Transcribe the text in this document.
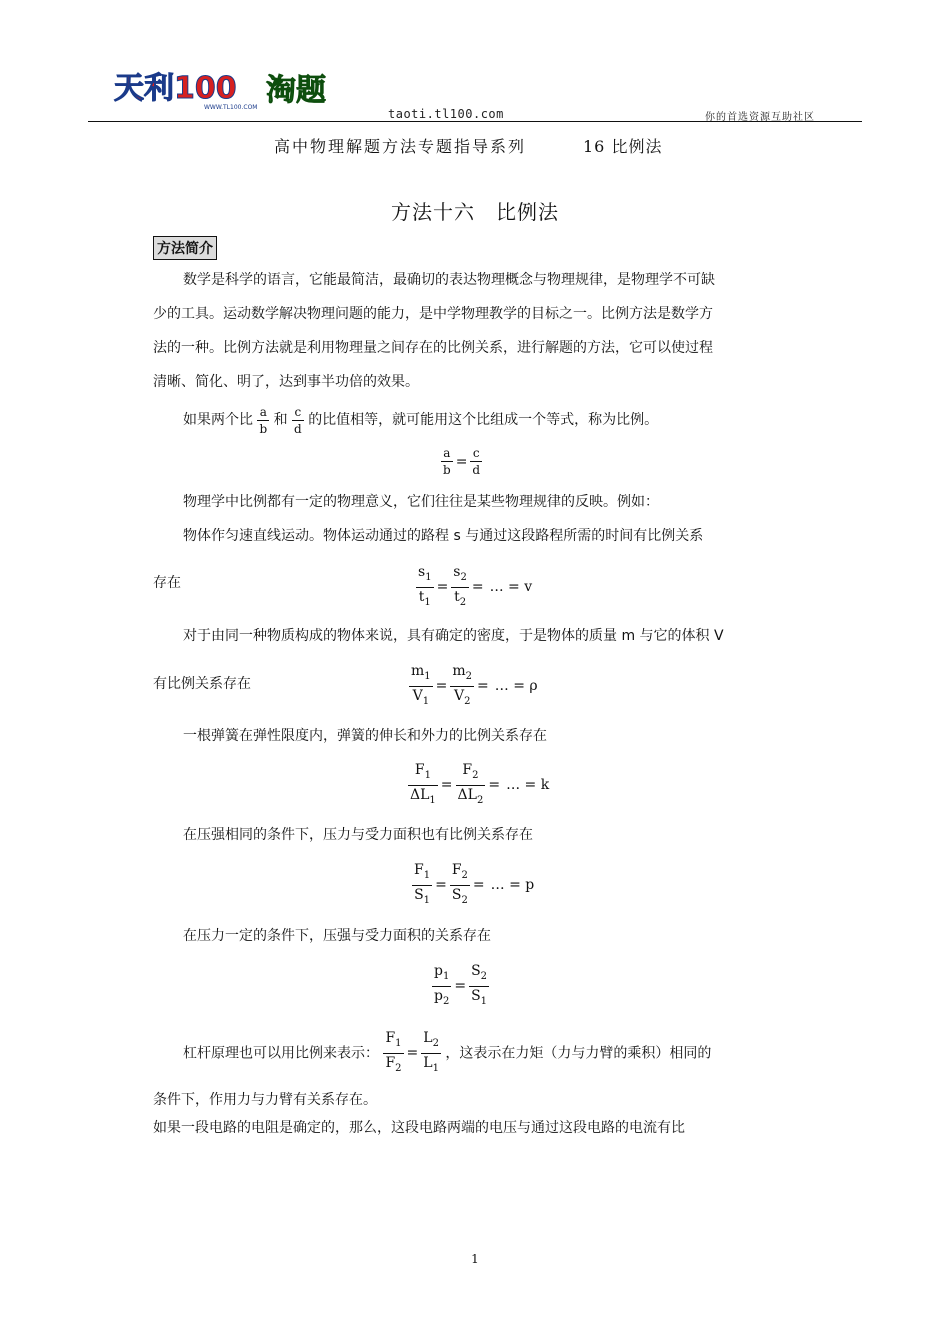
天利100
WWW.TL100.COM 淘题
taoti.tl100.com	你的首选资源互助社区
高中物理解题方法专题指导系列	16 比例法
方法十六　比例法
方法简介
数学是科学的语言，它能最简洁，最确切的表达物理概念与物理规律，是物理学不可缺
少的工具。运动数学解决物理问题的能力，是中学物理教学的目标之一。比例方法是数学方
法的一种。比例方法就是利用物理量之间存在的比例关系，进行解题的方法，它可以使过程
清晰、简化、明了，达到事半功倍的效果。
如果两个比 $\frac{a}{b}$ 和 $\frac{c}{d}$ 的比值相等，就可能用这个比组成一个等式，称为比例。
$\frac{a}{b} = \frac{c}{d}$
物理学中比例都有一定的物理意义，它们往往是某些物理规律的反映。例如：
物体作匀速直线运动。物体运动通过的路程 s 与通过这段路程所需的时间有比例关系
存在	$\frac{s_1}{t_1} = \frac{s_2}{t_2}$ = … = v
对于由同一种物质构成的物体来说，具有确定的密度，于是物体的质量 m 与它的体积 V
有比例关系存在	$\frac{m_1}{V_1} = \frac{m_2}{V_2}$ = … = ρ
一根弹簧在弹性限度内，弹簧的伸长和外力的比例关系存在
$\frac{F_1}{\Delta L_1} = \frac{F_2}{\Delta L_2}$ = … = k
在压强相同的条件下，压力与受力面积也有比例关系存在
$\frac{F_1}{S_1} = \frac{F_2}{S_2}$ = … = p
在压力一定的条件下，压强与受力面积的关系存在
$\frac{p_1}{p_2} = \frac{S_2}{S_1}$
杠杆原理也可以用比例来表示： $\frac{F_1}{F_2} = \frac{L_2}{L_1}$ ，这表示在力矩（力与力臂的乘积）相同的
条件下，作用力与力臂有关系存在。
如果一段电路的电阻是确定的，那么，这段电路两端的电压与通过这段电路的电流有比
1
